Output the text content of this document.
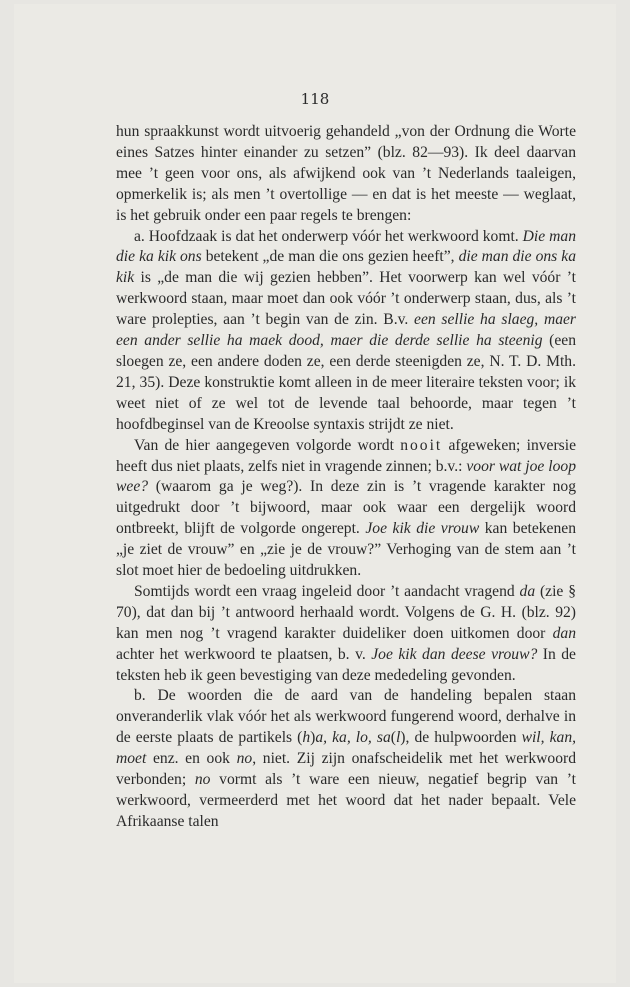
118

hun spraakkunst wordt uitvoerig gehandeld „von der Ordnung die Worte eines Satzes hinter einander zu setzen” (blz. 82—93). Ik deel daarvan mee ’t geen voor ons, als afwijkend ook van ’t Nederlands taaleigen, opmerkelik is; als men ’t overtollige — en dat is het meeste — weglaat, is het gebruik onder een paar regels te brengen:

a. Hoofdzaak is dat het onderwerp vóór het werkwoord komt. Die man die ka kik ons betekent „de man die ons gezien heeft”, die man die ons ka kik is „de man die wij gezien hebben”. Het voorwerp kan wel vóór ’t werkwoord staan, maar moet dan ook vóór ’t onderwerp staan, dus, als ’t ware prolepties, aan ’t begin van de zin. B.v. een sellie ha slaeg, maer een ander sellie ha maek dood, maer die derde sellie ha steenig (een sloegen ze, een andere doden ze, een derde steenigden ze, N. T. D. Mth. 21, 35). Deze konstruktie komt alleen in de meer literaire teksten voor; ik weet niet of ze wel tot de levende taal behoorde, maar tegen ’t hoofdbeginsel van de Kreoolse syntaxis strijdt ze niet.

Van de hier aangegeven volgorde wordt nooit afgeweken; inversie heeft dus niet plaats, zelfs niet in vragende zinnen; b.v.: voor wat joe loop wee? (waarom ga je weg?). In deze zin is ’t vragende karakter nog uitgedrukt door ’t bijwoord, maar ook waar een dergelijk woord ontbreekt, blijft de volgorde ongerept. Joe kik die vrouw kan betekenen „je ziet de vrouw” en „zie je de vrouw?” Verhoging van de stem aan ’t slot moet hier de bedoeling uitdrukken.

Somtijds wordt een vraag ingeleid door ’t aandacht vragend da (zie § 70), dat dan bij ’t antwoord herhaald wordt. Volgens de G. H. (blz. 92) kan men nog ’t vragend karakter duideliker doen uitkomen door dan achter het werkwoord te plaatsen, b. v. Joe kik dan deese vrouw? In de teksten heb ik geen bevestiging van deze mededeling gevonden.

b. De woorden die de aard van de handeling bepalen staan onveranderlik vlak vóór het als werkwoord fungerend woord, derhalve in de eerste plaats de partikels (h)a, ka, lo, sa(l), de hulpwoorden wil, kan, moet enz. en ook no, niet. Zij zijn onafscheidelik met het werkwoord verbonden; no vormt als ’t ware een nieuw, negatief begrip van ’t werkwoord, vermeerderd met het woord dat het nader bepaalt. Vele Afrikaanse talen
